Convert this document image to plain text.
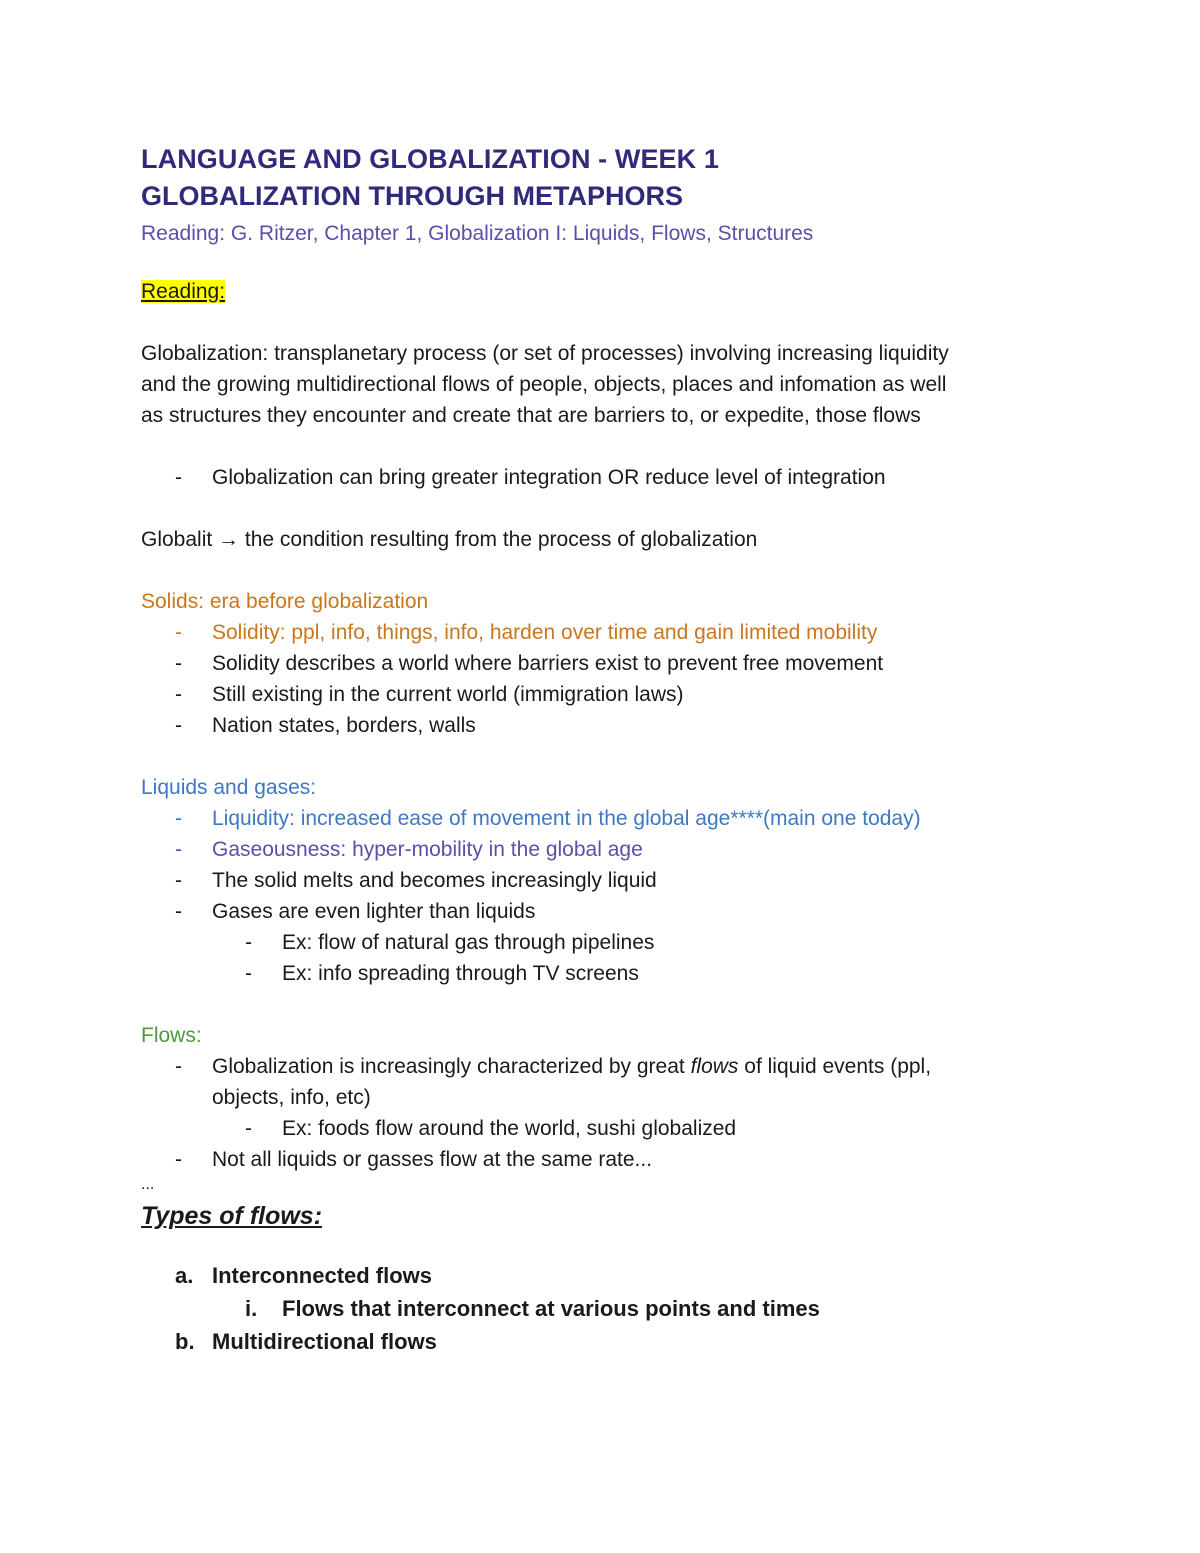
LANGUAGE AND GLOBALIZATION - WEEK 1
GLOBALIZATION THROUGH METAPHORS

Reading: G. Ritzer, Chapter 1, Globalization I: Liquids, Flows, Structures

Reading:

Globalization: transplanetary process (or set of processes) involving increasing liquidity

and the growing multidirectional flows of people, objects, places and infomation as well

as structures they encounter and create that are barriers to, or expedite, those flows

- Globalization can bring greater integration OR reduce level of integration

Globalit → the condition resulting from the process of globalization

Solids: era before globalization

- Solidity: ppl, info, things, info, harden over time and gain limited mobility
- Solidity describes a world where barriers exist to prevent free movement
- Still existing in the current world (immigration laws)
- Nation states, borders, walls

Liquids and gases:

- Liquidity: increased ease of movement in the global age****(main one today)
- Gaseousness: hyper-mobility in the global age
- The solid melts and becomes increasingly liquid
- Gases are even lighter than liquids
- Ex: flow of natural gas through pipelines
- Ex: info spreading through TV screens

Flows:

- Globalization is increasingly characterized by great flows of liquid events (ppl,
objects, info, etc)
- Ex: foods flow around the world, sushi globalized
- Not all liquids or gasses flow at the same rate...

...

Types of flows:
a. Interconnected flows
i. Flows that interconnect at various points and times
b. Multidirectional flows
